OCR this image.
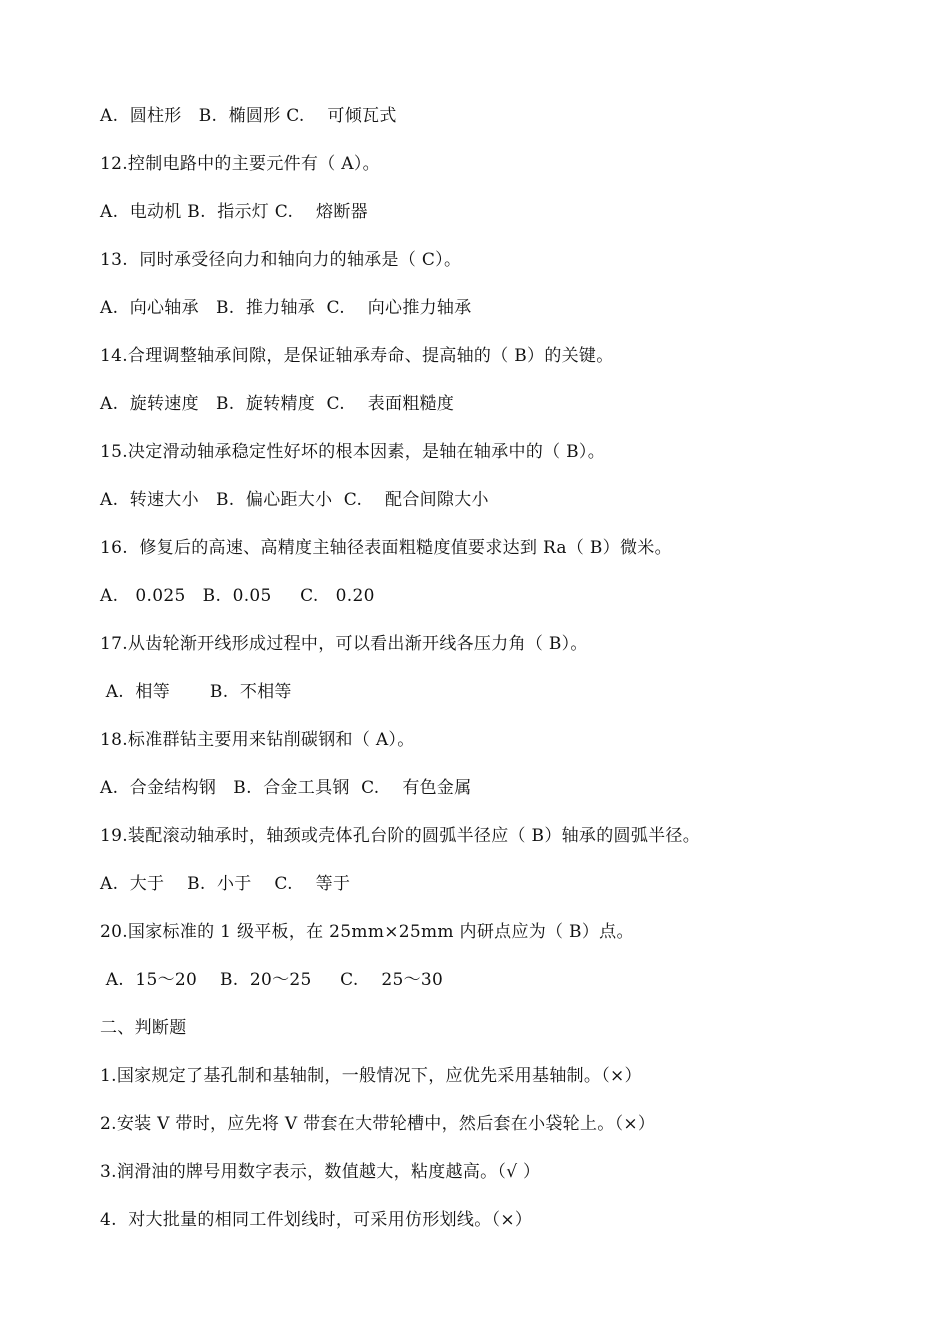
A.  圆柱形   B.  椭圆形 C.    可倾瓦式
12.控制电路中的主要元件有（ A）。
A.  电动机 B.  指示灯 C.    熔断器
13.  同时承受径向力和轴向力的轴承是（ C）。
A.  向心轴承   B.  推力轴承  C.    向心推力轴承
14.合理调整轴承间隙，是保证轴承寿命、提高轴的（ B）的关键。
A.  旋转速度   B.  旋转精度  C.    表面粗糙度
15.决定滑动轴承稳定性好坏的根本因素，是轴在轴承中的（ B）。
A.  转速大小   B.  偏心距大小  C.    配合间隙大小
16.  修复后的高速、高精度主轴径表面粗糙度值要求达到 Ra（ B）微米。
A.   0.025   B.  0.05     C.   0.20
17.从齿轮渐开线形成过程中，可以看出渐开线各压力角（ B）。
A.  相等       B.  不相等
18.标准群钻主要用来钻削碳钢和（ A）。
A.  合金结构钢   B.  合金工具钢  C.    有色金属
19.装配滚动轴承时，轴颈或壳体孔台阶的圆弧半径应（ B）轴承的圆弧半径。
A.  大于    B.  小于    C.    等于
20.国家标准的 1 级平板，在 25mm×25mm 内研点应为（ B）点。
A.  15～20    B.  20～25     C.    25～30
二、判断题
1.国家规定了基孔制和基轴制，一般情况下，应优先采用基轴制。（×）
2.安装 V 带时，应先将 V 带套在大带轮槽中，然后套在小袋轮上。（×）
3.润滑油的牌号用数字表示，数值越大，粘度越高。（√ ）
4.  对大批量的相同工件划线时，可采用仿形划线。（×）
